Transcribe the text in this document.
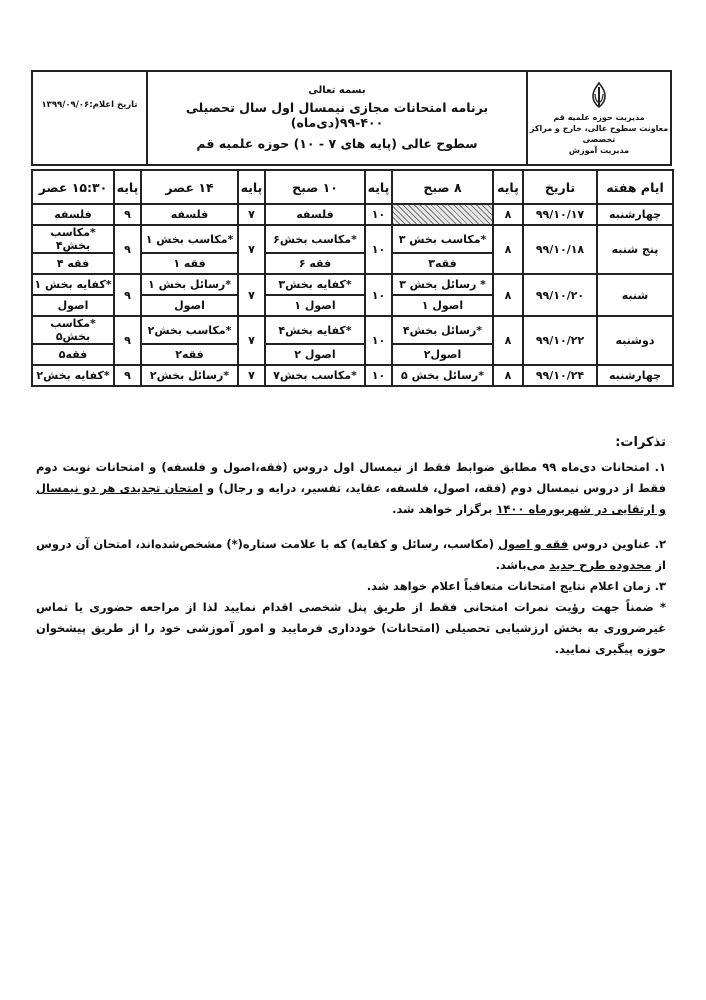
مدیریت حوزه علمیه قم
معاونت سطوح عالی، خارج و مراکز تخصصی
مدیریت آموزش
بسمه تعالی
برنامه امتحانات مجازی نیمسال اول سال تحصیلی ۴۰۰-۹۹(دی‌ماه)
سطوح عالی (پایه های ۷ - ۱۰) حوزه علمیه قم
تاریخ اعلام:۱۳۹۹/۰۹/۰۶
ایام هفته	تاریخ	پایه	۸ صبح	پایه	۱۰ صبح	پایه	۱۴ عصر	پایه	۱۵:۳۰ عصر
چهارشنبه	۹۹/۱۰/۱۷	۸		۱۰	فلسفه	۷	فلسفه	۹	فلسفه
پنج شنبه	۹۹/۱۰/۱۸	۸	*مکاسب بخش ۳	۱۰	*مکاسب بخش۶	۷	*مکاسب بخش ۱	۹	*مکاسب بخش۴
			فقه۳		فقه ۶		فقه ۱		فقه ۴
شنبه	۹۹/۱۰/۲۰	۸	* رسائل بخش ۳	۱۰	*کفایه بخش۳	۷	*رسائل بخش ۱	۹	*کفایه بخش ۱
			اصول ۱		اصول ۱		اصول		اصول
دوشنبه	۹۹/۱۰/۲۲	۸	*رسائل بخش۴	۱۰	*کفایه بخش۴	۷	*مکاسب بخش۲	۹	*مکاسب بخش۵
			اصول۲		اصول ۲		فقه۲		فقه۵
چهارشنبه	۹۹/۱۰/۲۴	۸	*رسائل بخش ۵	۱۰	*مکاسب بخش۷	۷	*رسائل بخش۲	۹	*کفایه بخش۲
تذکرات:

۱. امتحانات دی‌ماه ۹۹ مطابق ضوابط فقط از نیمسال اول دروس (فقه،اصول و فلسفه) و امتحانات نوبت دوم فقط از دروس نیمسال دوم (فقه، اصول، فلسفه، عقاید، تفسیر، درایه و رجال) و امتحان تجدیدی هر دو نیمسال و ارتقایی در شهریورماه ۱۴۰۰ برگزار خواهد شد.

۲. عناوین دروس فقه و اصول (مکاسب، رسائل و کفایه) که با علامت ستاره(*) مشخص‌شده‌اند، امتحان آن دروس از محدوده طرح جدید می‌باشد.

۳. زمان اعلام نتایج امتحانات متعاقباً اعلام خواهد شد.

* ضمناً جهت رؤیت نمرات امتحانی فقط از طریق پنل شخصی اقدام نمایید لذا از مراجعه حضوری یا تماس غیرضروری به بخش ارزشیابی تحصیلی (امتحانات) خودداری فرمایید و امور آموزشی خود را از طریق پیشخوان حوزه پیگیری نمایید.
